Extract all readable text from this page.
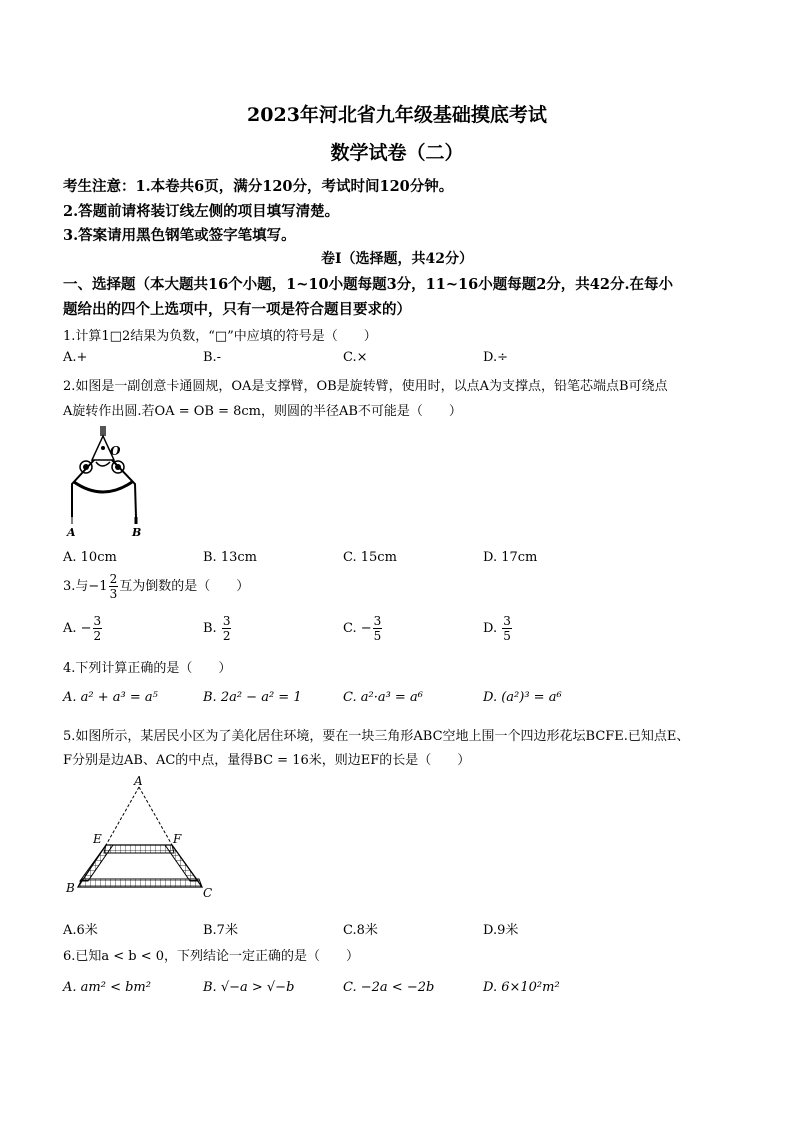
2023年河北省九年级基础摸底考试
数学试卷（二）
考生注意：1.本卷共6页，满分120分，考试时间120分钟。
2.答题前请将装订线左侧的项目填写清楚。
3.答案请用黑色钢笔或签字笔填写。
卷Ⅰ（选择题，共42分）
一、选择题（本大题共16个小题，1~10小题每题3分，11~16小题每题2分，共42分.在每小
题给出的四个上选项中，只有一项是符合题目要求的）
1.计算1□2结果为负数，“□”中应填的符号是（　　）
A.+	B.-	C.×	D.÷
2.如图是一副创意卡通圆规，OA是支撑臂，OB是旋转臂，使用时，以点A为支撑点，铅笔芯端点B可绕点
A旋转作出圆.若OA = OB = 8cm，则圆的半径AB不可能是（　　）
O
A	B
A. 10cm	B. 13cm	C. 15cm	D. 17cm
3.与$-1 \frac{2}{3}$ 互为倒数的是（　　）
A. − $\frac{3}{2}$	B. $\frac{3}{2}$	C. − $\frac{3}{5}$	D. $\frac{3}{5}$
4.下列计算正确的是（　　）
A. a² + a³ = a⁵	B. 2a² − a² = 1	C. a²·a³ = a⁶	D. (a²)³ = a⁶
5.如图所示，某居民小区为了美化居住环境，要在一块三角形ABC空地上围一个四边形花坛BCFE.已知点E、
F分别是边AB、AC的中点，量得BC = 16米，则边EF的长是（　　）
A
E	F
B	C
A.6米	B.7米	C.8米	D.9米
6.已知a < b < 0，下列结论一定正确的是（　　）
A. am² < bm²	B. √−a > √−b	C. −2a < −2b	D. 6×10²m²
